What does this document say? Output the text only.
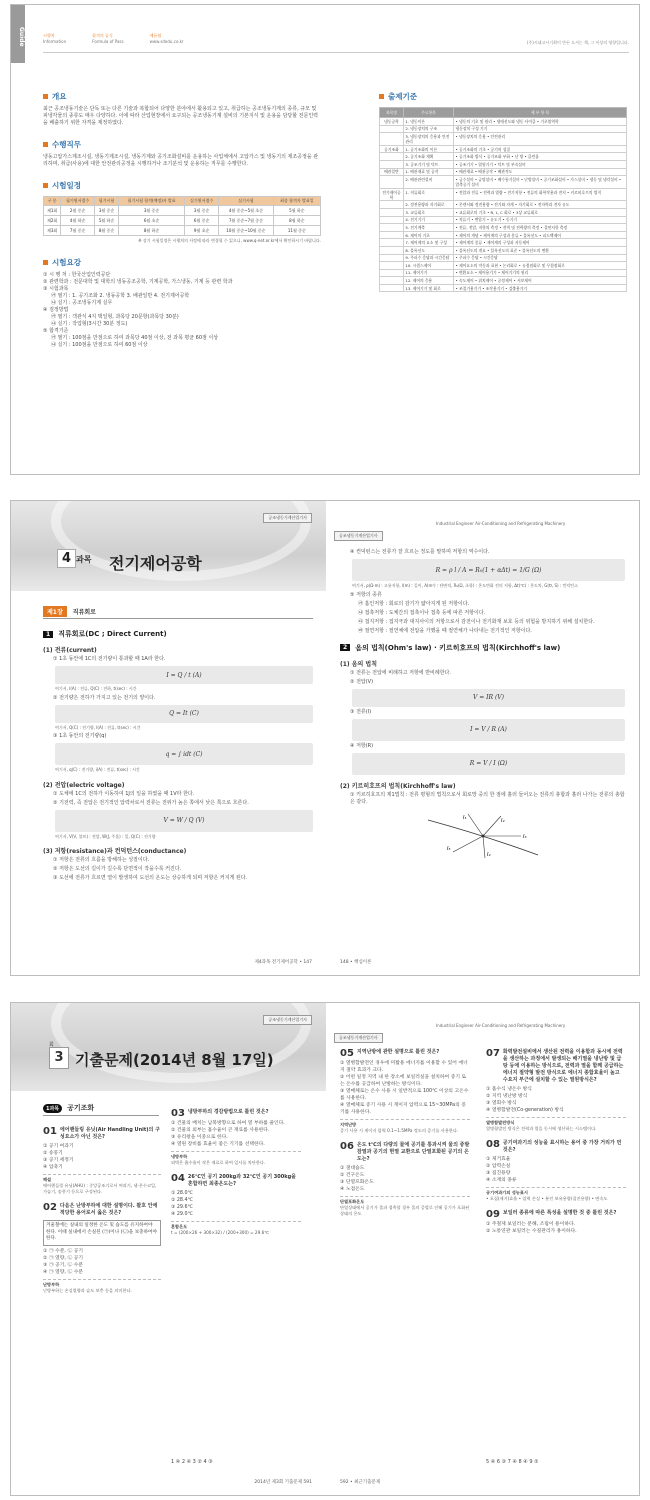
Guide	시행처
Information
합격의 공식
Formula of Pass
에듀윌
www.sdedu.co.kr	(주)시대고시기획이 만든 도서는 책, 그 이상의 영향입니다.
개요

최근 공조냉동기술은 단독 또는 다른 기술과 복합되어 다양한 분야에서 활용되고 있고, 취급하는 공조냉동기계의 종류, 규모 및 피냉각물의 종류도 매우 다양하다. 이에 따라 산업현장에서 요구되는 공조냉동기계 설비의 기본지식 및 운용을 담당할 전문인력을 배출하기 위한 자격을 제정하였다.

수행직무

냉동고압가스제조시설, 냉동기제조시설, 냉동기계와 공기조화설비를 운용하는 사업체에서 고압가스 및 냉동기의 제조공정을 관리하며, 취급(사용)에 대한 안전관리공정을 시행하거나 조기분석 및 운용하는 직무를 수행한다.

시험일정
구 분	필기원서접수	필기시험	필기시험 합격(예정)자 발표	실기원서접수	실기시험	최종 합격자 발표일
제1회	2월 중순	3월 중순	3월 중순	3월 중순	4월 중순~5월 초순	5월 하순
제2회	4월 하순	5월 하순	6월 초순	6월 중순	7월 중순~7월 중순	8월 하순
제3회	7월 중순	8월 중순	8월 하순	9월 초순	10월 중순~10월 중순	11월 중순

※ 상기 시험일정은 시행처의 사정에 따라 변경될 수 있으니, www.q-net.or.kr에서 확인하시기 바랍니다.

시험요강
① 시 행 처 : 한국산업인력공단
② 관련학과 : 전문대학 및 대학의 냉동공조공학, 기계공학, 가스냉동, 기계 등 관련 학과
③ 시험과목
㉮ 필기 : 1. 공기조화 2. 냉동공학 3. 배관일반 4. 전기제어공학
㉯ 실기 : 공조냉동기계 실무
④ 검정방법
㉮ 필기 : 객관식 4지 택일형, 과목당 20문항(과목당 30분)
㉯ 실기 : 작업형(3시간 30분 정도)
⑤ 합격기준
㉮ 필기 : 100점을 만점으로 하여 과목당 40점 이상, 전 과목 평균 60점 이상
㉯ 실기 : 100점을 만점으로 하여 60점 이상
출제기준
과목명	주요항목	세 부 항 목
냉동공학	1. 냉동이론	• 냉동의 기초 및 원리 • 냉매선도와 냉동 사이클 • 기초열역학
	2. 냉동장치의 구조	냉동장치 구성 기기
	3. 냉동장치의 응용과 안전관리	• 냉동장치의 응용 • 안전관리
공기조화	1. 공기조화의 이론	• 공기조화의 기초 • 공기의 성질
	2. 공기조화 계획	• 공기조화 방식 • 공기조화 부하 • 난 방 • 클린룸
	3. 공조기기 및 덕트	• 공조기기 • 열원기기 • 덕트 및 부속설비
배관일반	1. 배관재료 및 공작	• 배관재료 • 배관공작 • 배관적도
	2. 배관관련설비	• 급수설비 • 급탕설비 • 배수통기설비 • 난방설비 • 공기조화설비 • 가스설비 • 냉동 및 냉각설비 • 압축공기 설비
전기제어공학	1. 직류회로	• 전압과 전류 • 전력과 열량 • 전기저항 • 전류의 화학작용과 전지 • 키르히호프의 법칙
	2. 정전용량과 자기회로	• 콘덴서와 정전용량 • 전기와 자계 • 자기회로 • 전자력과 전자 유도
	3. 교류회로	• 교류회로의 기초 • R, L, C 회로 • 3상 교류회로
	4. 전기기기	• 직류기 • 변압기 • 유도기 • 동기기
	5. 전기계측	• 전류, 전압, 저항의 측정 • 전력 및 전력량의 측정 • 절연저항 측정
	6. 제어의 기초	• 제어의 개념 • 제어계의 구성과 분류 • 블록선도 • 피드백제어
	7. 제어계의 요소 및 구성	• 제어계의 종류 • 제어계의 구성과 자동제어
	8. 블록선도	• 블록선도의 개요 • 블록선도의 표준 • 블록선도의 변환
	9. 주파수 응답과 시간응답	• 주파수 응답 • 시간응답
	10. 시퀀스제어	• 제어요소의 작동과 표현 • 논리회로 • 유접점회로 및 무접점회로
	11. 제어기기	• 변환요소 • 제어용기기 • 제어기기의 원리
	12. 제어의 응용	• 속도제어 • 위치제어 • 공정제어 • 서보제어
	13. 제어기기 및 회로	• 조절기용기기 • 조작용기기 • 검출용기기
공조냉동기계산업기사
4 과목 전기제어공학
제1장	직류회로
1	직류회로(DC ; Direct Current)
(1) 전류(current)
① 1초 동안에 1C의 전기량이 통과할 때 1A라 한다.
I = Q / t (A)
여기서, I(A) : 전류, Q(C) : 전하, t(sec) : 시간
② 전기량은 전하가 가지고 있는 전기의 양이다.
Q = It (C)
여기서, Q(C) : 전기량, I(A) : 전류, t(sec) : 시간
③ 1초 동안의 전기량(q)
q = ∫ idt (C)
여기서, q(C) : 전기량, i(A) : 전류, t(sec) : 시간
(2) 전압(electric voltage)
① 도체에 1C의 전하가 이동하여 1J의 일을 하였을 때 1V라 한다.
② 기전력, 즉 전압은 전기적인 압력차로서 전류는 전위가 높은 쪽에서 낮은 쪽으로 흐른다.
V = W / Q (V)
여기서, V(V, 볼트) : 전압, W(J, 주울) : 일, Q(C) : 전기량
(3) 저항(resistance)과 컨덕턴스(conductance)
① 저항은 전류의 흐름을 방해하는 성질이다.
② 저항은 도선의 길이가 길수록 단면적이 작을수록 커진다.
③ 도선에 전류가 흐르면 열이 발생하여 도선의 온도는 상승하게 되며 저항은 커지게 된다.
제4과목 전기제어공학 • 147
Industrial Engineer Air-Conditioning and Refrigerating Machinery
공조냉동기계산업기사
④ 컨덕턴스는 전류가 잘 흐르는 정도를 말하며 저항의 역수이다.
R = ρ l / A = R₀(1 + αΔt) = 1/G (Ω)
여기서, ρ(Ω·m) : 고유저항, l(m) : 길이, A(m²) : 단면적, R₀(Ω, 초항) : 온도변화 전의 저항, Δt(℃) : 온도차, G(℧, S) : 컨덕턴스
⑤ 저항의 종류
㉮ 흡인저항 : 회로의 감기가 얇아지게 된 저항이다.
㉯ 접촉저항 : 도체간의 접촉이나 접촉 등에 따른 저항이다.
㉰ 접지저항 : 접지극과 대지사이의 저항으로서 감전이나 전기화재 보호 등의 위험을 방지하기 위해 설치한다.
㉱ 절연저항 : 절연체에 전압을 가했을 때 절연체가 나타내는 전기적인 저항이다.
2	옴의 법칙(Ohm's law) · 키르히호프의 법칙(Kirchhoff's law)
(1) 옴의 법칙
① 전류는 전압에 비례하고 저항에 반비례한다.
② 전압(V)
V = IR (V)
③ 전류(I)
I = V / R (A)
④ 저항(R)
R = V / I (Ω)
(2) 키르히호프의 법칙(Kirchhoff's law)
① 키르히호프의 제1법칙 : 전류 평형의 법칙으로서 회로망 중의 한 점에 흘러 들어오는 전류의 총합과 흘러 나가는 전류의 총합은 같다.
I₁	I₂
I₃
I₄
I₅
148 • 핵심이론
공조냉동기계산업기사
3
회
기출문제(2014년 8월 17일)
1과목	공기조화
01 에어핸들링 유닛(Air Handling Unit)의 구성요소가 아닌 것은?
① 공기 여과기
② 송풍기
③ 공기 세정기
④ 압축기
해설
에어핸들링 유닛(AHU) : 중앙공조기로서 여과기, 냉·온수코일, 가습기, 송풍기 등으로 구성된다.
02 다음은 난방부하에 대한 설명이다. 괄호 안에 적당한 용어로서 옳은 것은?
겨울철에는 실내의 일정한 온도 및 습도를 유지하여야 한다. 이때 실내에서 손실된 (㉠)이나 (㉡)을 보충하여야 한다.
① ㉠ 수분, ㉡ 공기
② ㉠ 열량, ㉡ 공기
③ ㉠ 공기, ㉡ 수분
④ ㉠ 열량, ㉡ 수분
난방부하
난방부하는 손실열량과 습도 보충 등을 의미한다.
03 냉방부하의 경감방법으로 틀린 것은?
① 건물의 배치는 남북방향으로 하여 열 부하를 줄인다.
② 건물의 외부는 흡수율이 큰 재료를 사용한다.
③ 유리창을 이중으로 한다.
④ 열원 장비를 효율이 좋은 기기를 선택한다.
냉방부하
외벽은 흡수율이 작은 재료로 하여 일사를 차단한다.
04 26℃인 공기 200kg과 32℃인 공기 300kg을 혼합하면 최종온도는?
① 28.0℃
② 28.4℃
③ 29.6℃
④ 29.0℃
혼합온도
t = (200×26 + 300×32) / (200+300) = 29.6℃
1 ④ 2 ④ 3 ② 4 ③
2014년 제3회 기출문제 591
Industrial Engineer Air-Conditioning and Refrigerating Machinery
공조냉동기계산업기사
05 지역난방에 관한 설명으로 틀린 것은?
① 열병합발전인 경우에 미활용 에너지를 이용할 수 있어 에너지 절약 효과가 크다.
② 어떤 일정 지역 내 한 장소에 보일러실을 설치하여 증기 또는 온수를 공급하여 난방하는 방식이다.
③ 열매체로는 온수 사용 시 일반적으로 100℃ 이상의 고온수를 사용한다.
④ 열매체로 증기 사용 시 게이지 압력으로 15~30MPa의 증기를 사용한다.
지역난방
증기 사용 시 게이지 압력 0.1~1.5MPa 정도의 증기를 사용한다.
06 온도 t℃의 다량의 물에 공기를 통과시켜 물의 증발잠열과 공기의 현열 교환으로 단열포화된 공기의 온도는?
① 절대습도
② 건구온도
③ 단열포화온도
④ 노점온도
단열포화온도
단열상태에서 공기가 물과 접촉할 경우 물의 증발로 인해 공기가 포화된 상태의 온도
07 화력발전설비에서 생산된 전력을 이용함과 동시에 전력을 생산하는 과정에서 발생되는 배기열을 냉난방 및 급탕 등에 이용하는 방식으로, 전력과 열을 함께 공급하는 에너지 절약형 발전 방식으로 에너지 종합효율이 높고 수요지 부근에 설치할 수 있는 열원방식은?
① 흡수식 냉온수 방식
② 지역 냉난방 방식
③ 열회수 방식
④ 열병합발전(Co-generation) 방식
열병합발전방식
열병합발전 방식은 전력과 열을 동시에 생산하는 시스템이다.
08 공기여과기의 성능을 표시하는 용어 중 가장 거리가 먼 것은?
① 제거효율
② 압력손실
③ 집진용량
④ 소재의 종류
공기여과기의 성능표시
• 포집(제거)효율 • 압력 손실 • 분진 보유용량(집진용량) • 면속도
09 보일러 종류에 따른 특성을 설명한 것 중 틀린 것은?
① 주철제 보일러는 분해, 조립이 용이하다.
② 노통연관 보일러는 수질관리가 용이하다.
5 ④ 6 ③ 7 ④ 8 ④ 9 ②
592 • 최근기출문제
